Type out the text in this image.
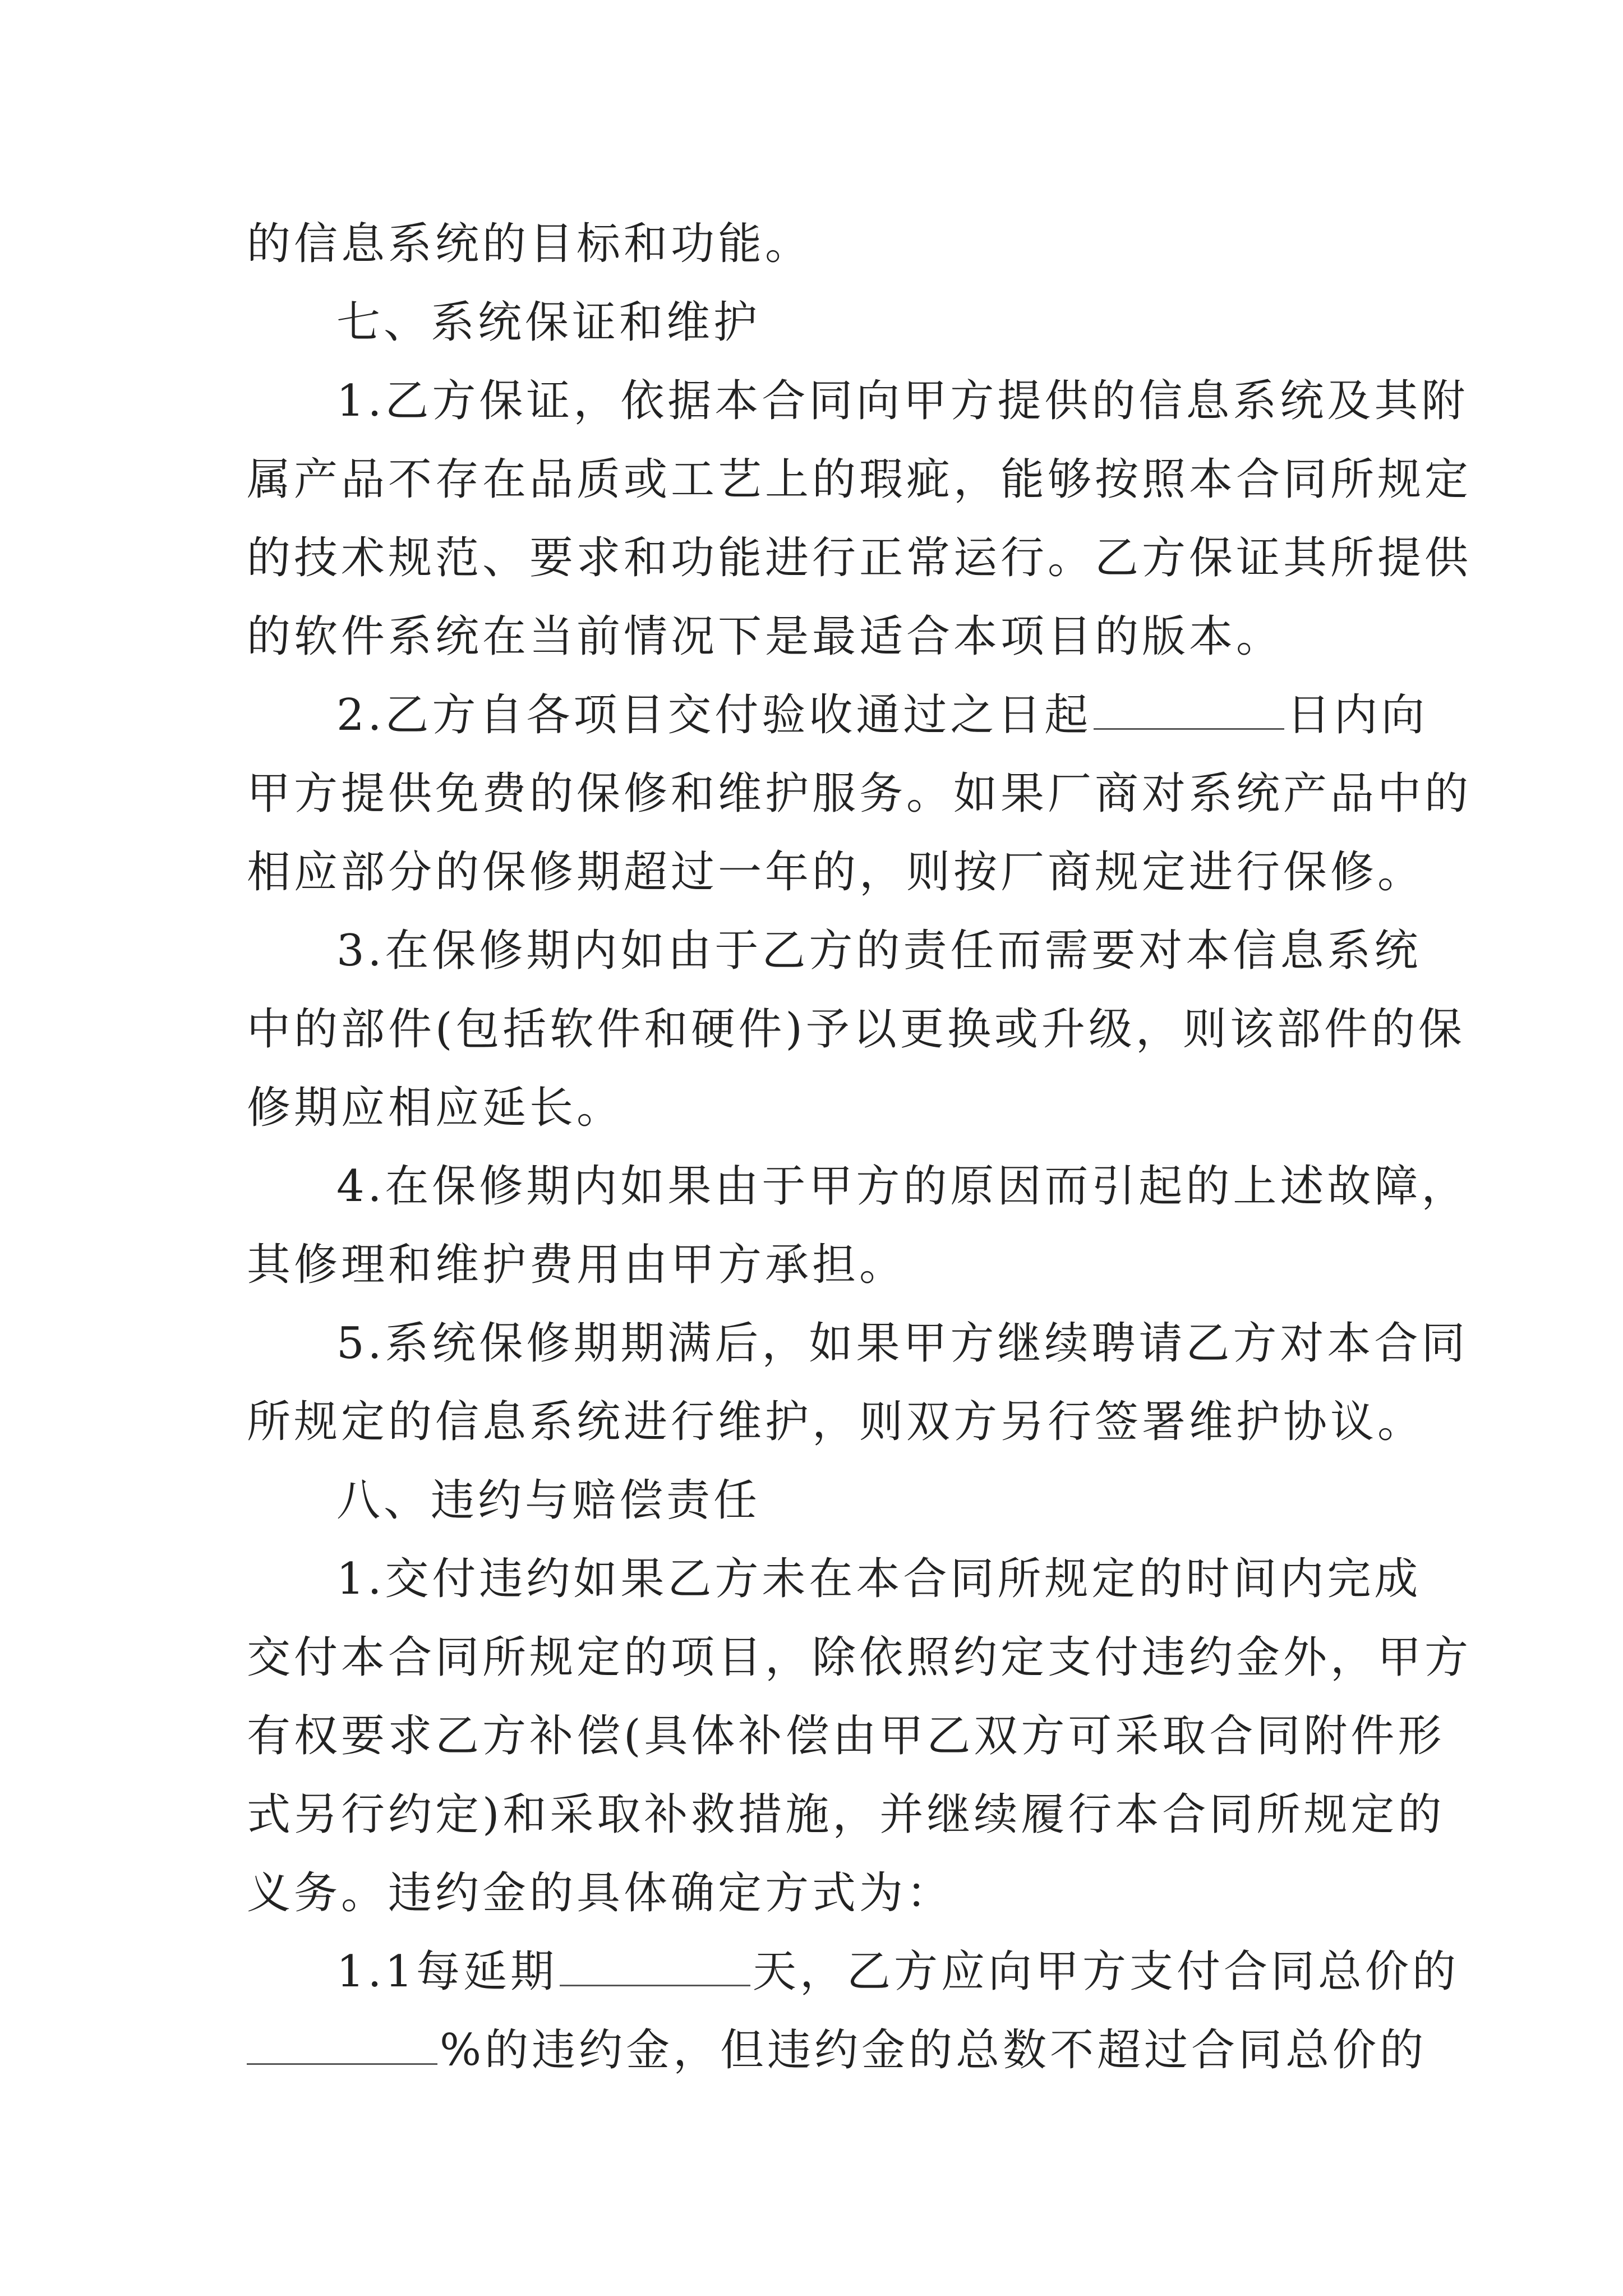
的信息系统的目标和功能。
七、系统保证和维护
1.乙方保证，依据本合同向甲方提供的信息系统及其附
属产品不存在品质或工艺上的瑕疵，能够按照本合同所规定
的技术规范、要求和功能进行正常运行。乙方保证其所提供
的软件系统在当前情况下是最适合本项目的版本。
2.乙方自各项目交付验收通过之日起	日内向
甲方提供免费的保修和维护服务。如果厂商对系统产品中的
相应部分的保修期超过一年的，则按厂商规定进行保修。
3.在保修期内如由于乙方的责任而需要对本信息系统
中的部件(包括软件和硬件)予以更换或升级，则该部件的保
修期应相应延长。
4.在保修期内如果由于甲方的原因而引起的上述故障，
其修理和维护费用由甲方承担。
5.系统保修期期满后，如果甲方继续聘请乙方对本合同
所规定的信息系统进行维护，则双方另行签署维护协议。
八、违约与赔偿责任
1.交付违约如果乙方未在本合同所规定的时间内完成
交付本合同所规定的项目，除依照约定支付违约金外，甲方
有权要求乙方补偿(具体补偿由甲乙双方可采取合同附件形
式另行约定)和采取补救措施，并继续履行本合同所规定的
义务。违约金的具体确定方式为：
1.1每延期	天，乙方应向甲方支付合同总价的
%的违约金，但违约金的总数不超过合同总价的
